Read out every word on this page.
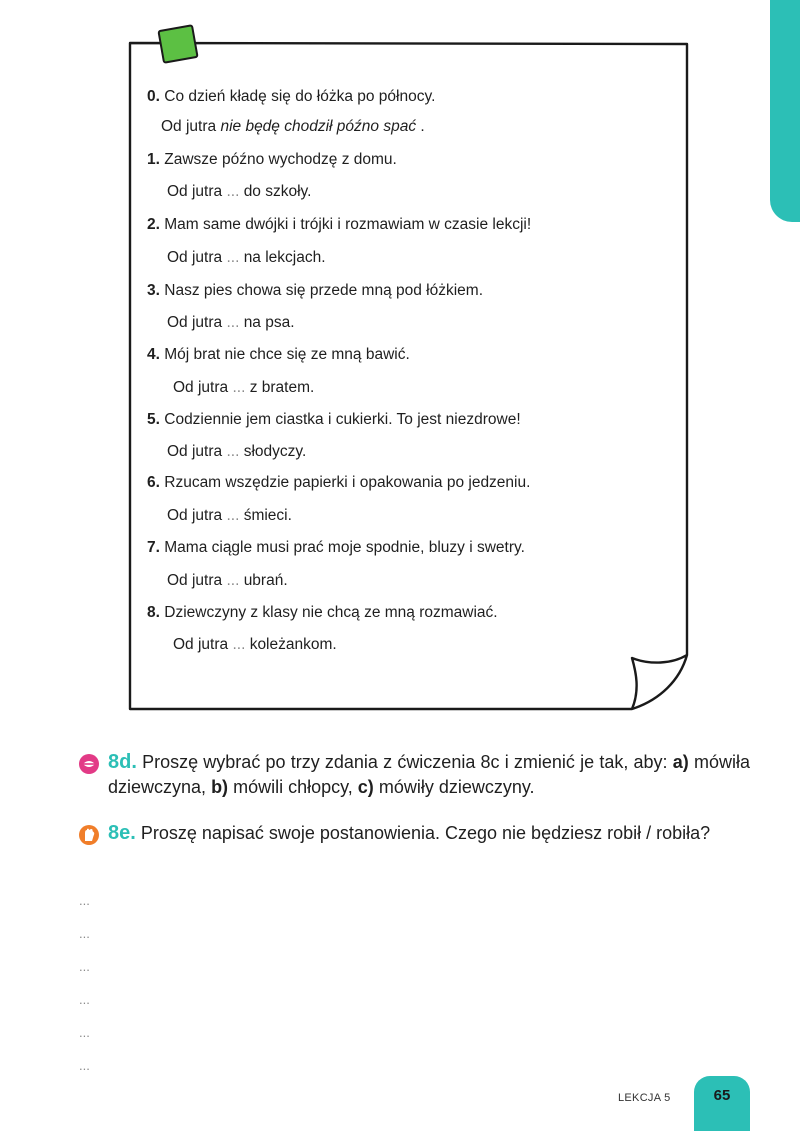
0. Co dzień kładę się do łóżka po północy.
Od jutra nie będę chodził późno spać .
1. Zawsze późno wychodzę z domu.
Od jutra ... do szkoły.
2. Mam same dwójki i trójki i rozmawiam w czasie lekcji!
Od jutra ... na lekcjach.
3. Nasz pies chowa się przede mną pod łóżkiem.
Od jutra ... na psa.
4. Mój brat nie chce się ze mną bawić.
Od jutra ... z bratem.
5. Codziennie jem ciastka i cukierki. To jest niezdrowe!
Od jutra ... słodyczy.
6. Rzucam wszędzie papierki i opakowania po jedzeniu.
Od jutra ... śmieci.
7. Mama ciągle musi prać moje spodnie, bluzy i swetry.
Od jutra ... ubrań.
8. Dziewczyny z klasy nie chcą ze mną rozmawiać.
Od jutra ... koleżankom.
8d. Proszę wybrać po trzy zdania z ćwiczenia 8c i zmienić je tak, aby: a) mówiła dziewczyna, b) mówili chłopcy, c) mówiły dziewczyny.
8e. Proszę napisać swoje postanowienia. Czego nie będziesz robił / robiła?
...
...
...
...
...
...
LEKCJA 5	65
